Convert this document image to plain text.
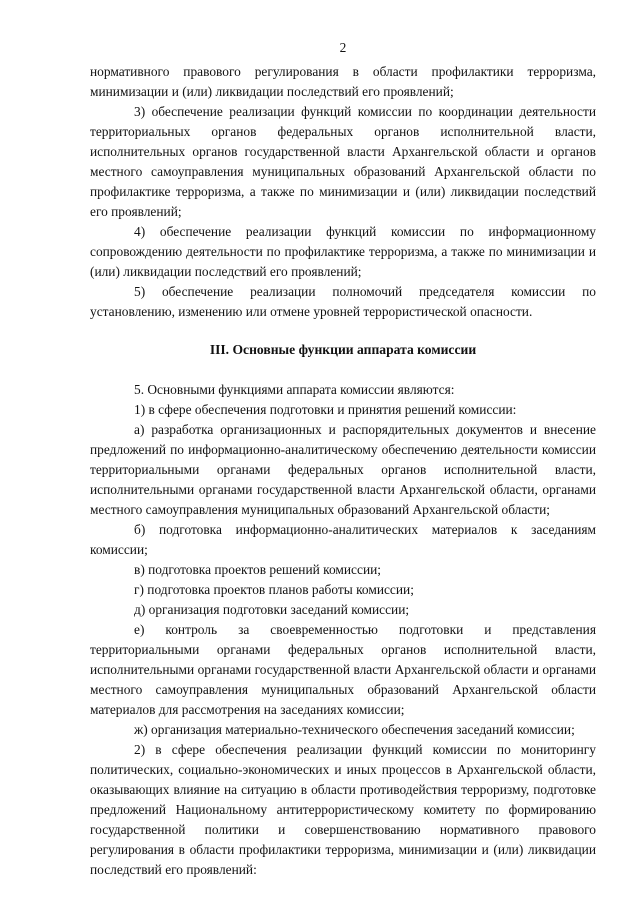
2

нормативного правового регулирования в области профилактики терроризма, минимизации и (или) ликвидации последствий его проявлений;

3) обеспечение реализации функций комиссии по координации деятельности территориальных органов федеральных органов исполнительной власти, исполнительных органов государственной власти Архангельской области и органов местного самоуправления муниципальных образований Архангельской области по профилактике терроризма, а также по минимизации и (или) ликвидации последствий его проявлений;

4) обеспечение реализации функций комиссии по информационному сопровождению деятельности по профилактике терроризма, а также по минимизации и (или) ликвидации последствий его проявлений;

5) обеспечение реализации полномочий председателя комиссии по установлению, изменению или отмене уровней террористической опасности.

III. Основные функции аппарата комиссии

5. Основными функциями аппарата комиссии являются:

1) в сфере обеспечения подготовки и принятия решений комиссии:

а) разработка организационных и распорядительных документов и внесение предложений по информационно-аналитическому обеспечению деятельности комиссии территориальными органами федеральных органов исполнительной власти, исполнительными органами государственной власти Архангельской области, органами местного самоуправления муниципальных образований Архангельской области;

б) подготовка информационно-аналитических материалов к заседаниям комиссии;

в) подготовка проектов решений комиссии;

г) подготовка проектов планов работы комиссии;

д) организация подготовки заседаний комиссии;

е) контроль за своевременностью подготовки и представления территориальными органами федеральных органов исполнительной власти, исполнительными органами государственной власти Архангельской области и органами местного самоуправления муниципальных образований Архангельской области материалов для рассмотрения на заседаниях комиссии;

ж) организация материально-технического обеспечения заседаний комиссии;

2) в сфере обеспечения реализации функций комиссии по мониторингу политических, социально-экономических и иных процессов в Архангельской области, оказывающих влияние на ситуацию в области противодействия терроризму, подготовке предложений Национальному антитеррористическому комитету по формированию государственной политики и совершенствованию нормативного правового регулирования в области профилактики терроризма, минимизации и (или) ликвидации последствий его проявлений:
